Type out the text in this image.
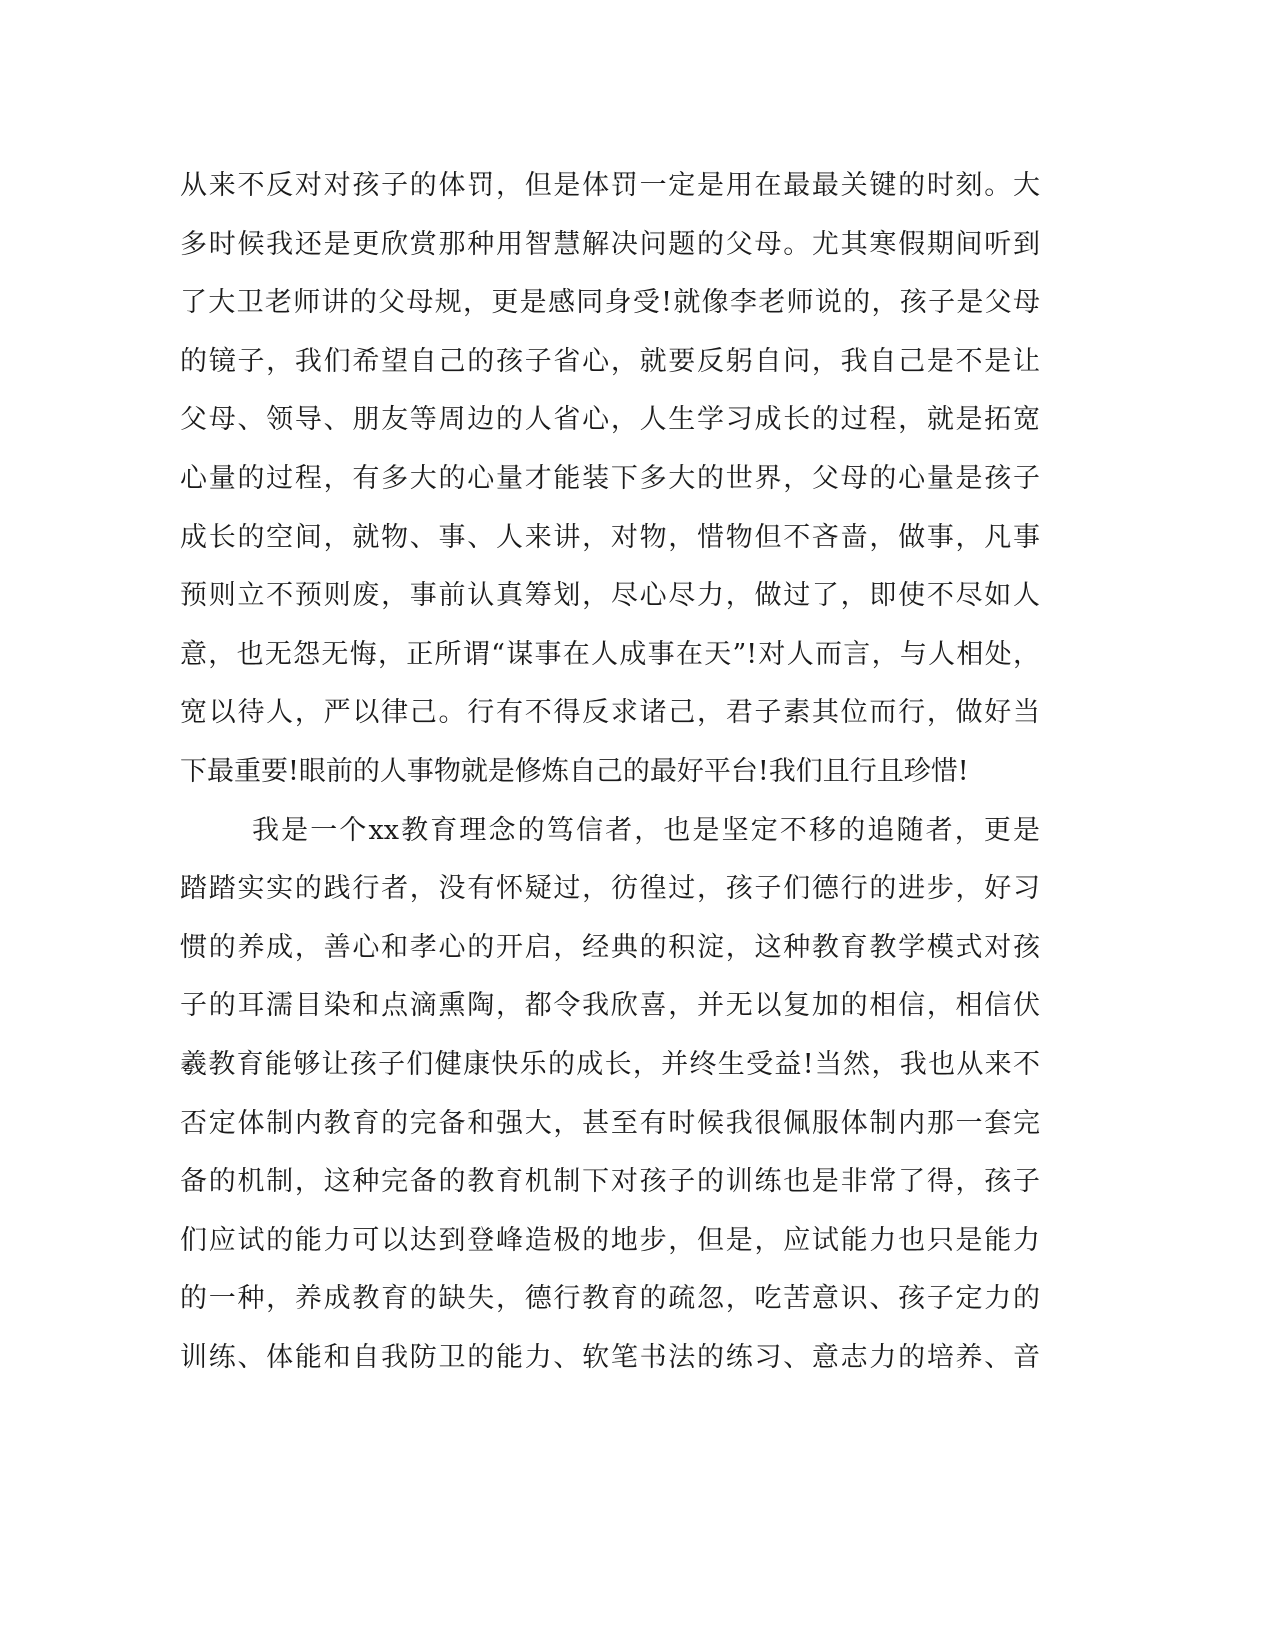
从来不反对对孩子的体罚，但是体罚一定是用在最最关键的时刻。大
多时候我还是更欣赏那种用智慧解决问题的父母。尤其寒假期间听到
了大卫老师讲的父母规，更是感同身受!就像李老师说的，孩子是父母
的镜子，我们希望自己的孩子省心，就要反躬自问，我自己是不是让
父母、领导、朋友等周边的人省心，人生学习成长的过程，就是拓宽
心量的过程，有多大的心量才能装下多大的世界，父母的心量是孩子
成长的空间，就物、事、人来讲，对物，惜物但不吝啬，做事，凡事
预则立不预则废，事前认真筹划，尽心尽力，做过了，即使不尽如人
意，也无怨无悔，正所谓“谋事在人成事在天”!对人而言，与人相处，
宽以待人，严以律己。行有不得反求诸己，君子素其位而行，做好当
下最重要!眼前的人事物就是修炼自己的最好平台!我们且行且珍惜!
我是一个xx教育理念的笃信者，也是坚定不移的追随者，更是
踏踏实实的践行者，没有怀疑过，彷徨过，孩子们德行的进步，好习
惯的养成，善心和孝心的开启，经典的积淀，这种教育教学模式对孩
子的耳濡目染和点滴熏陶，都令我欣喜，并无以复加的相信，相信伏
羲教育能够让孩子们健康快乐的成长，并终生受益!当然，我也从来不
否定体制内教育的完备和强大，甚至有时候我很佩服体制内那一套完
备的机制，这种完备的教育机制下对孩子的训练也是非常了得，孩子
们应试的能力可以达到登峰造极的地步，但是，应试能力也只是能力
的一种，养成教育的缺失，德行教育的疏忽，吃苦意识、孩子定力的
训练、体能和自我防卫的能力、软笔书法的练习、意志力的培养、音
